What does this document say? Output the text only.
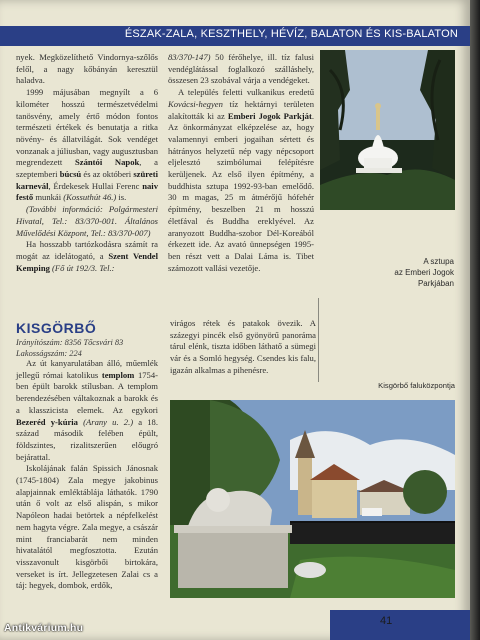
ÉSZAK-ZALA, KESZTHELY, HÉVÍZ, BALATON ÉS KIS-BALATON

nyek. Megközelíthető Vindornya-szőlős felől, a nagy kőbányán keresztül haladva.

1999 májusában megnyílt a 6 kilométer hosszú természetvédelmi tanösvény, amely értő módon fontos természeti értékek és benutatja a ritka növény- és állatvilágát. Sok vendéget vonzanak a júliusban, vagy augusztusban megrendezett Szántói Napok, a szeptemberi búcsú és az októberi szüreti karnevál, Érdekesek Hullai Ferenc naiv festő munkái (Kossuthút 46.) is.

(További információ: Polgármesteri Hivatal, Tel.: 83/370-001. Általános Művelődési Központ, Tel.: 83/370-007)

Ha hosszabb tartózkodásra számít ra mogát az idelátogató, a Szent Vendel Kemping (Fő út 192/3. Tel.:

83/370-147) 50 férőhelye, ill. tíz falusi vendéglátással foglalkozó szálláshely, összesen 23 szobával várja a vendégeket.

A település feletti vulkanikus eredetű Kovácsi-hegyen tíz hektárnyi területen alakították ki az Emberi Jogok Parkját. Az önkormányzat elképzelése az, hogy valamennyi emberi jogaihan sértett és hátrányos helyzetű nép vagy népcsoport eljelesztó szimbólumai felépítésre kerüljenek. Az első ilyen építmény, a buddhista sztupa 1992-93-ban emelődő. 30 m magas, 25 m átmérőjű hófehér építmény, beszelben 21 m hosszú életfával és Buddha ereklyével. Az aranyozott Buddha-szobor Dél-Koreából érkezett ide. Az avató ünnepségen 1995-ben részt vett a Dalai Láma is. Tibet számozott vallási vezetője.

A sztupa
az Emberi Jogok
Parkjában
KISGÖRBŐ
Irányítószám: 8356 Tőcsvári 83
Lakosságszám: 224

virágos rétek és patakok övezik. A százegyi pincék első gyönyörű panoráma tárul elénk, tiszta időben láthatő a sümegi vár és a Somló hegység. Csendes kis falu, igazán alkalmas a pihenésre.

Kisgörbő faluközpontja

Az út kanyarulatában álló, műemlék jellegű római katolikus templom 1754-ben épült barokk stílusban. A templom berendezésében váltakoznak a barokk és a klasszicista elemek. Az egykori Bezeréd y-kúria (Arany u. 2.) a 18. század második felében épült, földszintes, rizalitszerűen előugró bejárattal.

Iskolájának falán Spissich Jánosnak (1745-1804) Zala megye jakobinus alapjainnak emléktáblája láthatók. 1790 után ő volt az első alispán, s mikor Napóleon hadai betörtek a népfelkelést nem hagyta végre. Zala megye, a császár mint franciabarát nem minden hivatalától megfosztotta. Ezután visszavonult kisgörbői birtokára, verseket is írt. Jellegzetesen Zalai cs a táj: hegyek, dombok, erdők,

41
Antikvárium.hu
